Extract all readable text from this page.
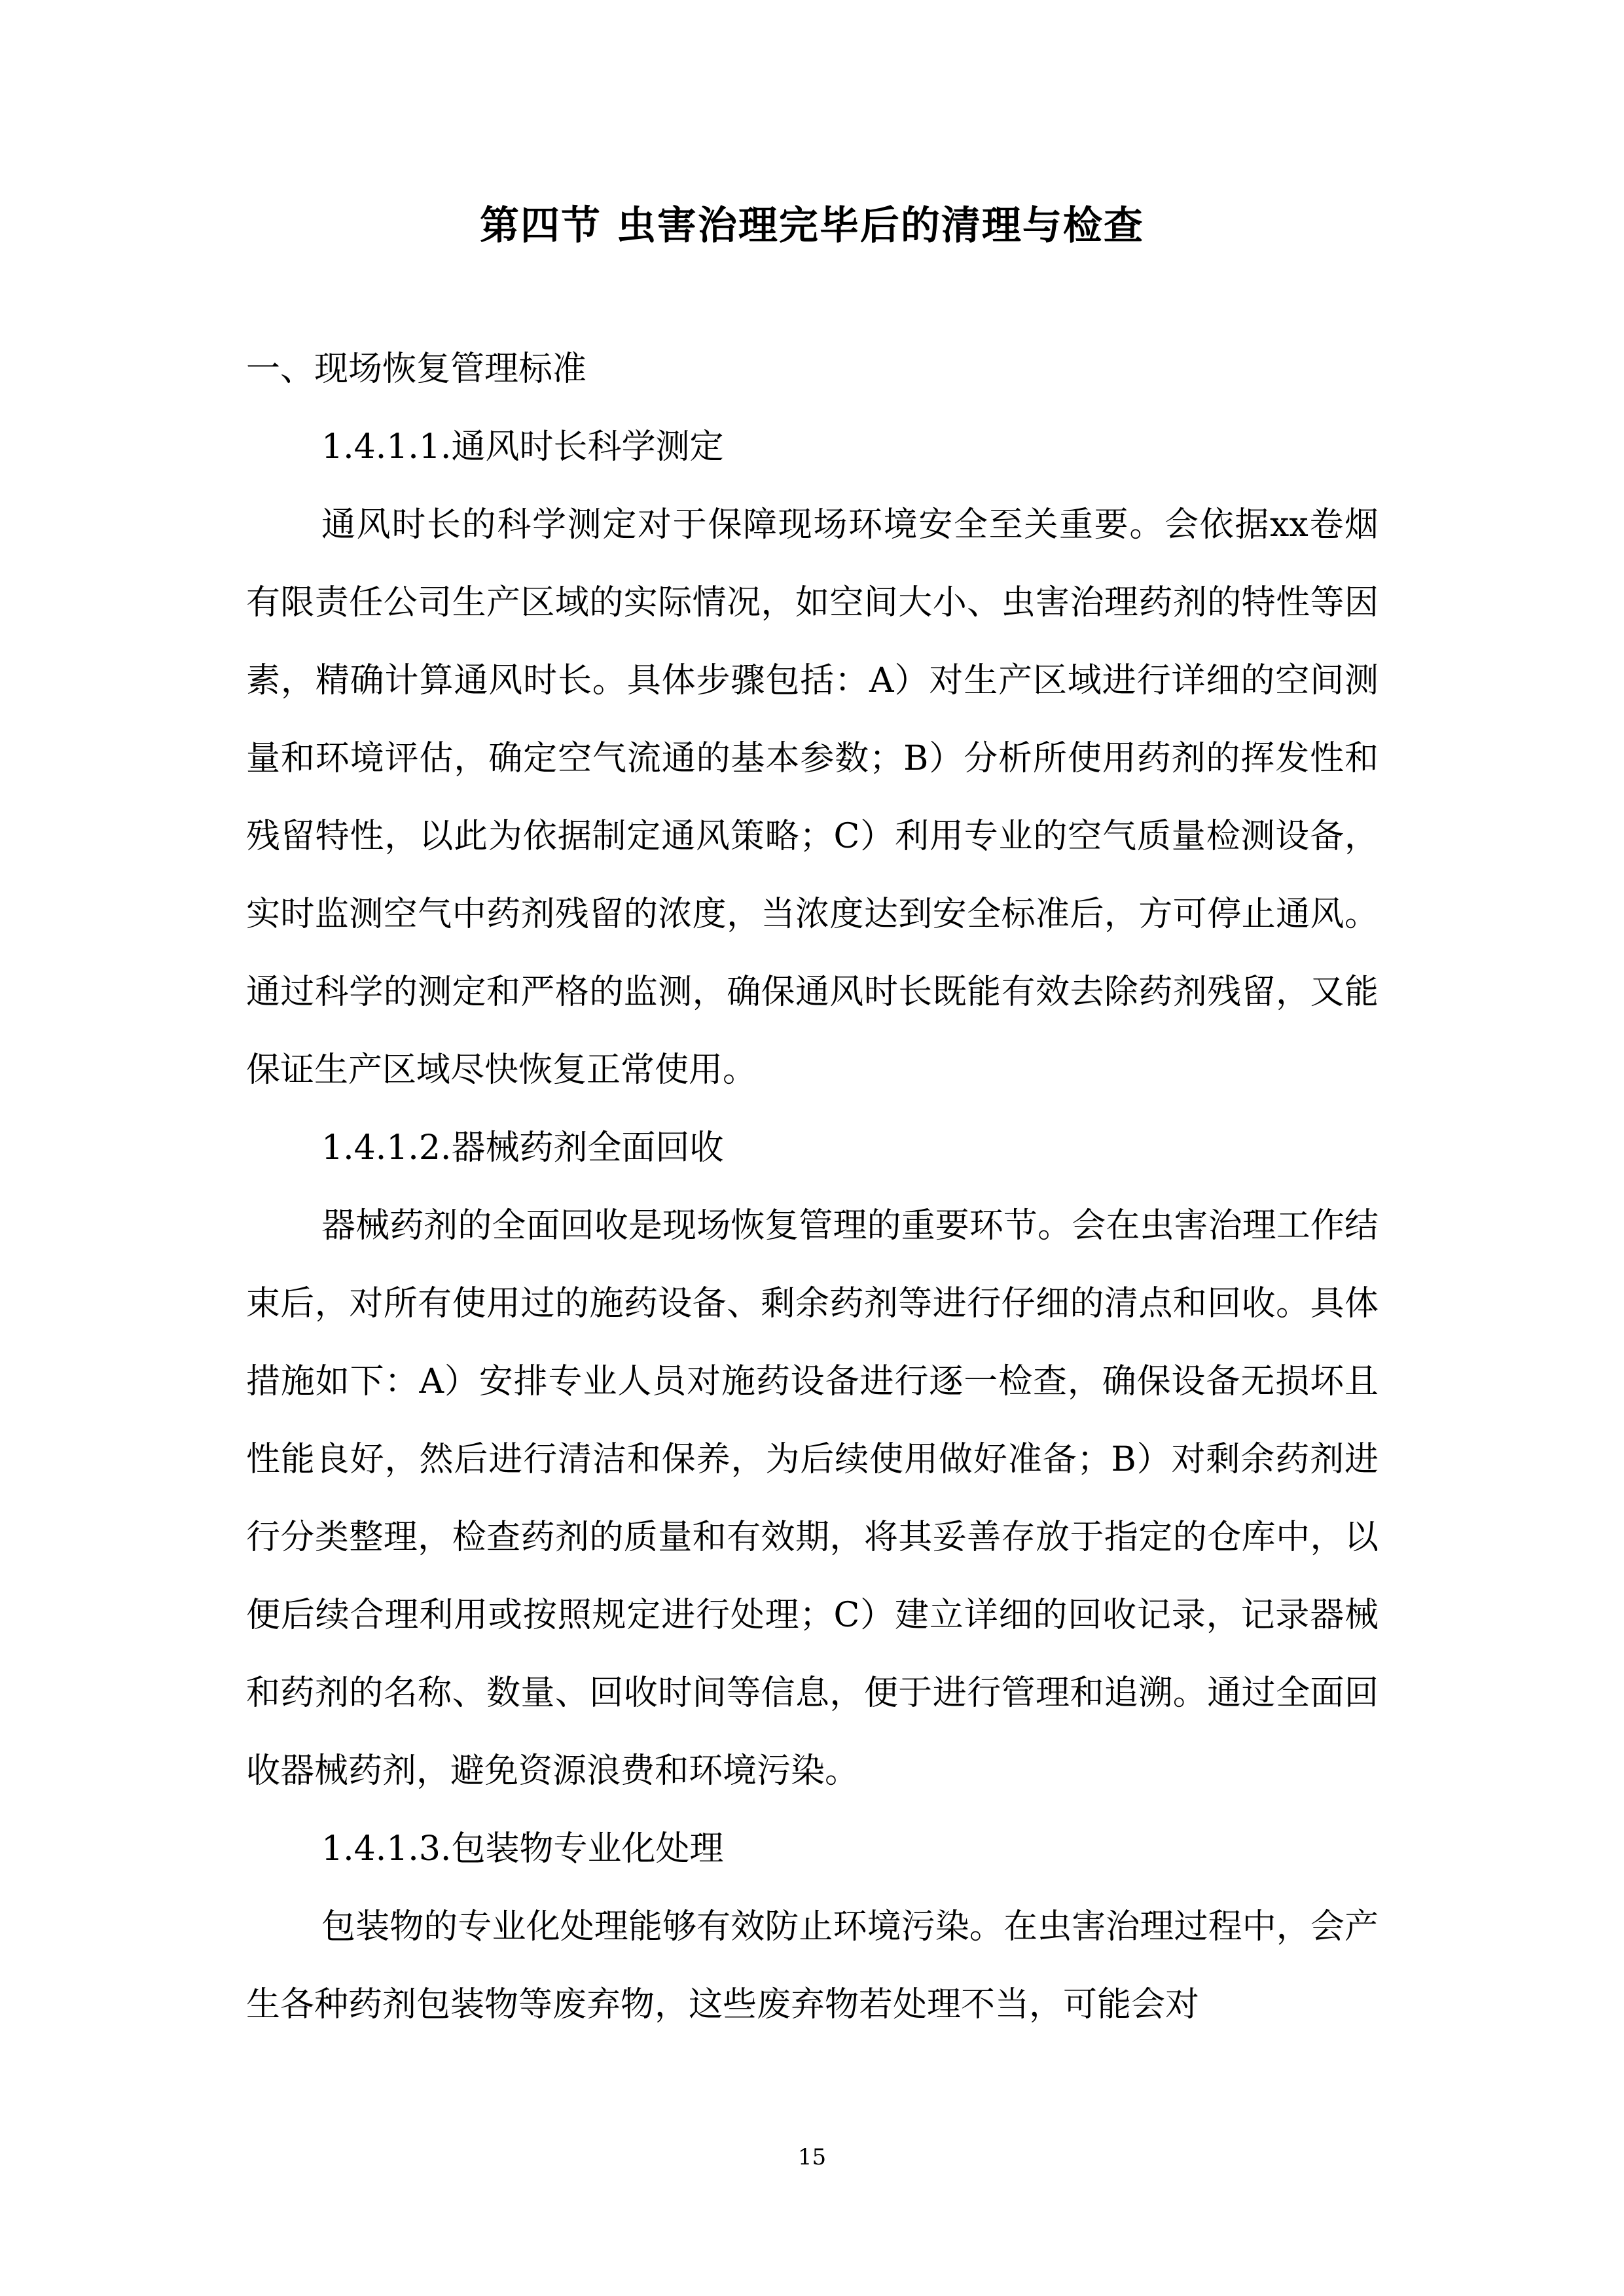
第四节 虫害治理完毕后的清理与检查

一、现场恢复管理标准

1.4.1.1.通风时长科学测定

通风时长的科学测定对于保障现场环境安全至关重要。会依据xx卷烟有限责任公司生产区域的实际情况，如空间大小、虫害治理药剂的特性等因素，精确计算通风时长。具体步骤包括：A）对生产区域进行详细的空间测量和环境评估，确定空气流通的基本参数；B）分析所使用药剂的挥发性和残留特性，以此为依据制定通风策略；C）利用专业的空气质量检测设备，实时监测空气中药剂残留的浓度，当浓度达到安全标准后，方可停止通风。通过科学的测定和严格的监测，确保通风时长既能有效去除药剂残留，又能保证生产区域尽快恢复正常使用。

1.4.1.2.器械药剂全面回收

器械药剂的全面回收是现场恢复管理的重要环节。会在虫害治理工作结束后，对所有使用过的施药设备、剩余药剂等进行仔细的清点和回收。具体措施如下：A）安排专业人员对施药设备进行逐一检查，确保设备无损坏且性能良好，然后进行清洁和保养，为后续使用做好准备；B）对剩余药剂进行分类整理，检查药剂的质量和有效期，将其妥善存放于指定的仓库中，以便后续合理利用或按照规定进行处理；C）建立详细的回收记录，记录器械和药剂的名称、数量、回收时间等信息，便于进行管理和追溯。通过全面回收器械药剂，避免资源浪费和环境污染。

1.4.1.3.包装物专业化处理

包装物的专业化处理能够有效防止环境污染。在虫害治理过程中，会产生各种药剂包装物等废弃物，这些废弃物若处理不当，可能会对

15
